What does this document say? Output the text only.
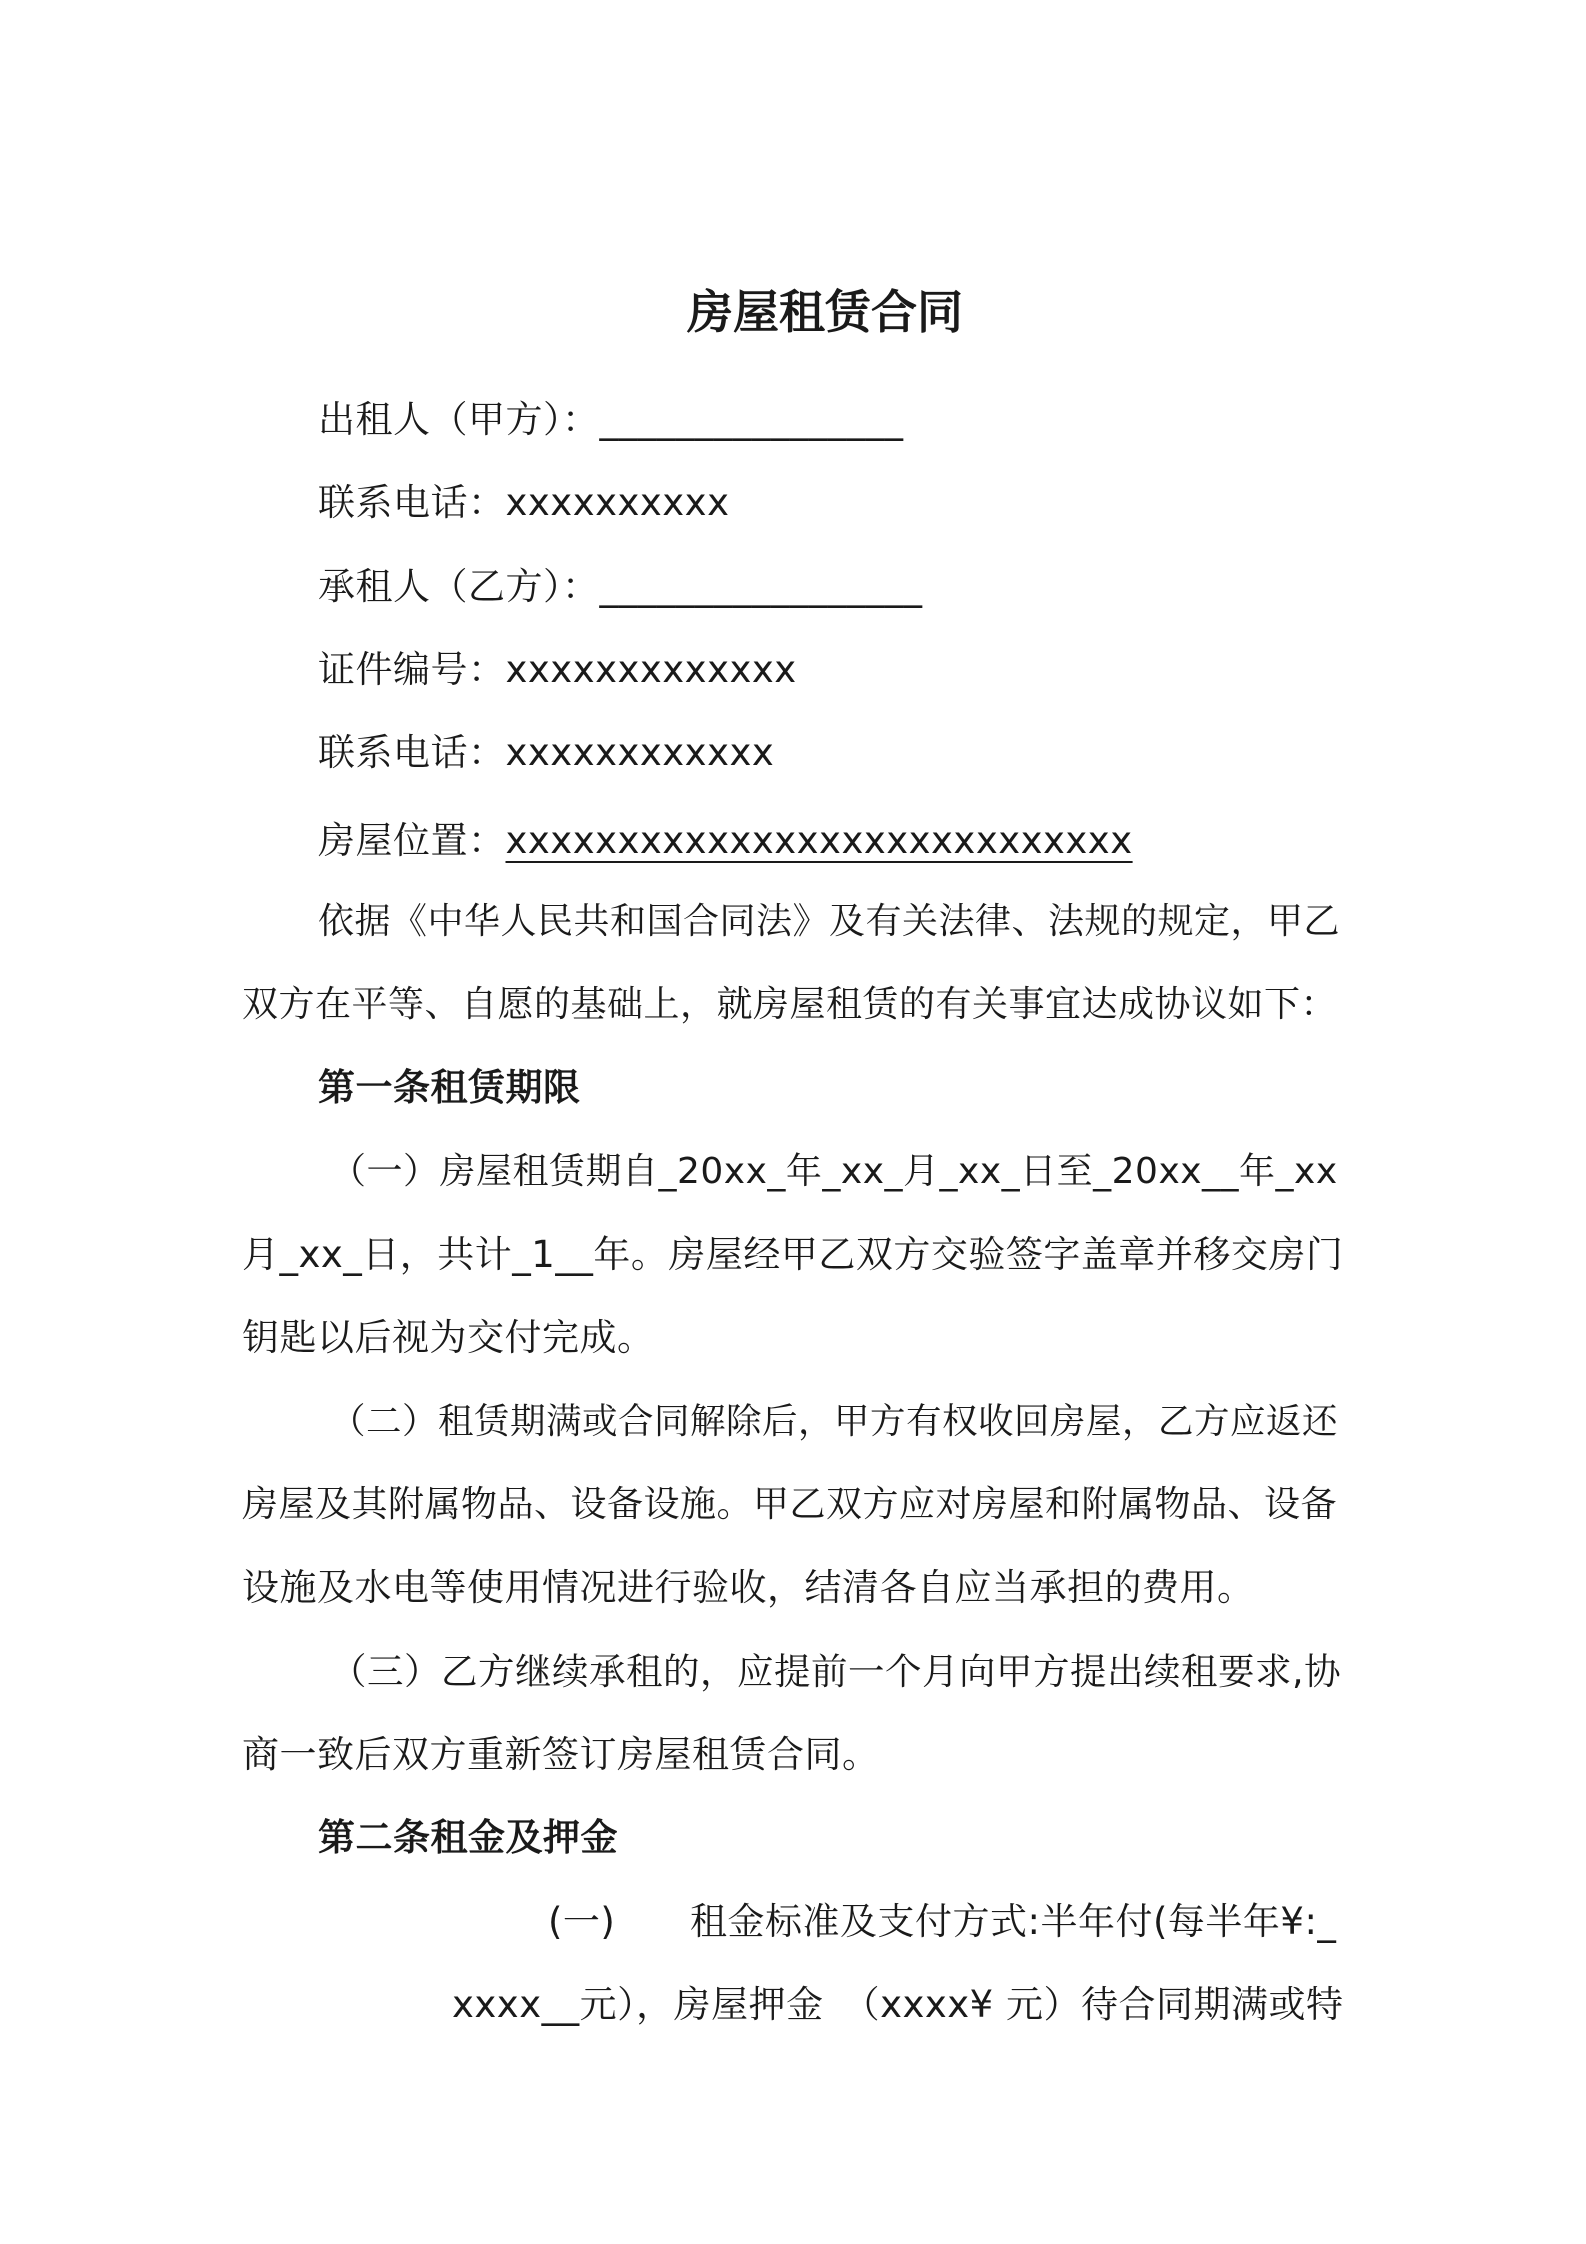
房屋租赁合同
出租人（甲方）：________________
联系电话：xxxxxxxxxx
承租人（乙方）：_________________
证件编号：xxxxxxxxxxxxx
联系电话：xxxxxxxxxxxx
房屋位置：xxxxxxxxxxxxxxxxxxxxxxxxxxxx
依据《中华人民共和国合同法》及有关法律、法规的规定，甲乙
双方在平等、自愿的基础上，就房屋租赁的有关事宜达成协议如下：
第一条租赁期限
（一）房屋租赁期自_20xx_年_xx_月_xx_日至_20xx__年_xx
月_xx_日，共计_1__年。房屋经甲乙双方交验签字盖章并移交房门
钥匙以后视为交付完成。
（二）租赁期满或合同解除后，甲方有权收回房屋，乙方应返还
房屋及其附属物品、设备设施。甲乙双方应对房屋和附属物品、设备
设施及水电等使用情况进行验收，结清各自应当承担的费用。
（三）乙方继续承租的，应提前一个月向甲方提出续租要求,协
商一致后双方重新签订房屋租赁合同。
第二条租金及押金
(一) 租金标准及支付方式:半年付(每半年¥:_
xxxx__元），房屋押金　（xxxx¥ 元）待合同期满或特
